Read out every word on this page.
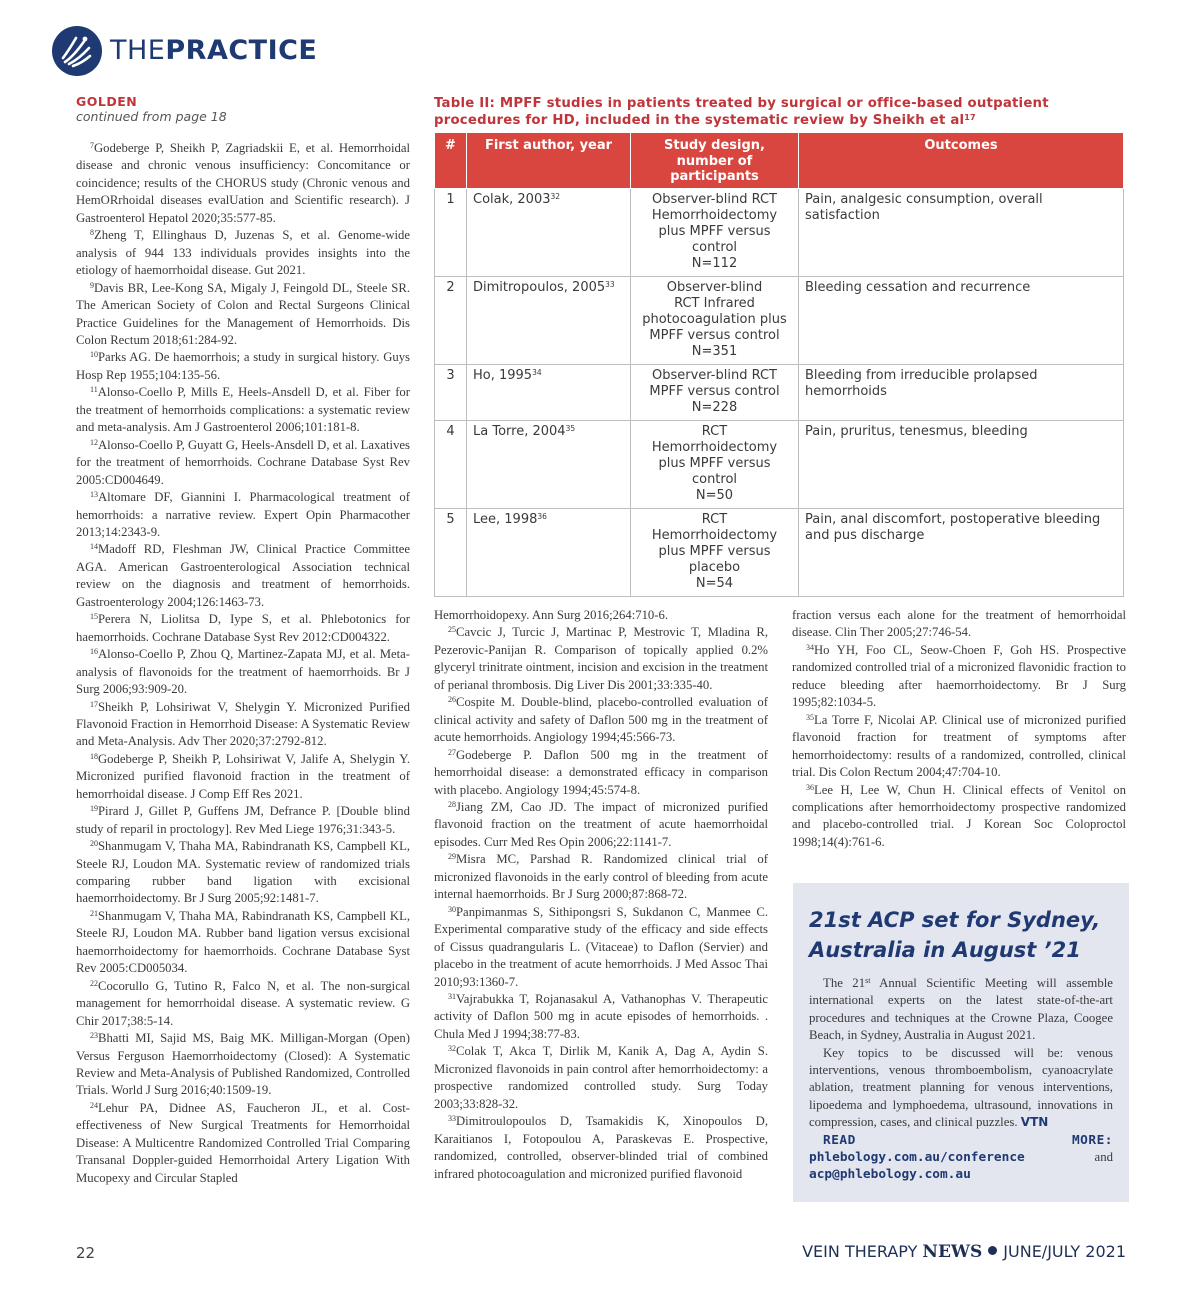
THEPRACTICE
GOLDEN
continued from page 18

$^7$Godeberge P, Sheikh P, Zagriadskii E, et al. Hemorrhoidal disease and chronic venous insufficiency: Concomitance or coincidence; results of the CHORUS study (Chronic venous and HemORrhoidal diseases evalUation and Scientific research). J Gastroenterol Hepatol 2020;35:577-85.

$^8$Zheng T, Ellinghaus D, Juzenas S, et al. Genome-wide analysis of 944 133 individuals provides insights into the etiology of haemorrhoidal disease. Gut 2021.

$^9$Davis BR, Lee-Kong SA, Migaly J, Feingold DL, Steele SR. The American Society of Colon and Rectal Surgeons Clinical Practice Guidelines for the Management of Hemorrhoids. Dis Colon Rectum 2018;61:284-92.

$^{10}$Parks AG. De haemorrhois; a study in surgical history. Guys Hosp Rep 1955;104:135-56.

$^{11}$Alonso-Coello P, Mills E, Heels-Ansdell D, et al. Fiber for the treatment of hemorrhoids complications: a systematic review and meta-analysis. Am J Gastroenterol 2006;101:181-8.

$^{12}$Alonso-Coello P, Guyatt G, Heels-Ansdell D, et al. Laxatives for the treatment of hemorrhoids. Cochrane Database Syst Rev 2005:CD004649.

$^{13}$Altomare DF, Giannini I. Pharmacological treatment of hemorrhoids: a narrative review. Expert Opin Pharmacother 2013;14:2343-9.

$^{14}$Madoff RD, Fleshman JW, Clinical Practice Committee AGA. American Gastroenterological Association technical review on the diagnosis and treatment of hemorrhoids. Gastroenterology 2004;126:1463-73.

$^{15}$Perera N, Liolitsa D, Iype S, et al. Phlebotonics for haemorrhoids. Cochrane Database Syst Rev 2012:CD004322.

$^{16}$Alonso-Coello P, Zhou Q, Martinez-Zapata MJ, et al. Meta-analysis of flavonoids for the treatment of haemorrhoids. Br J Surg 2006;93:909-20.

$^{17}$Sheikh P, Lohsiriwat V, Shelygin Y. Micronized Purified Flavonoid Fraction in Hemorrhoid Disease: A Systematic Review and Meta-Analysis. Adv Ther 2020;37:2792-812.

$^{18}$Godeberge P, Sheikh P, Lohsiriwat V, Jalife A, Shelygin Y. Micronized purified flavonoid fraction in the treatment of hemorrhoidal disease. J Comp Eff Res 2021.

$^{19}$Pirard J, Gillet P, Guffens JM, Defrance P. [Double blind study of reparil in proctology]. Rev Med Liege 1976;31:343-5.

$^{20}$Shanmugam V, Thaha MA, Rabindranath KS, Campbell KL, Steele RJ, Loudon MA. Systematic review of randomized trials comparing rubber band ligation with excisional haemorrhoidectomy. Br J Surg 2005;92:1481-7.

$^{21}$Shanmugam V, Thaha MA, Rabindranath KS, Campbell KL, Steele RJ, Loudon MA. Rubber band ligation versus excisional haemorrhoidectomy for haemorrhoids. Cochrane Database Syst Rev 2005:CD005034.

$^{22}$Cocorullo G, Tutino R, Falco N, et al. The non-surgical management for hemorrhoidal disease. A systematic review. G Chir 2017;38:5-14.

$^{23}$Bhatti MI, Sajid MS, Baig MK. Milligan-Morgan (Open) Versus Ferguson Haemorrhoidectomy (Closed): A Systematic Review and Meta-Analysis of Published Randomized, Controlled Trials. World J Surg 2016;40:1509-19.

$^{24}$Lehur PA, Didnee AS, Faucheron JL, et al. Cost-effectiveness of New Surgical Treatments for Hemorrhoidal Disease: A Multicentre Randomized Controlled Trial Comparing Transanal Doppler-guided Hemorrhoidal Artery Ligation With Mucopexy and Circular Stapled

Table II: MPFF studies in patients treated by surgical or office-based outpatient procedures for HD, included in the systematic review by Sheikh et $al^{17}$
#	First author, year	Study design, number of participants	Outcomes
1	Colak, 2003$^{32}$	Observer-blind RCT
Hemorrhoidectomy
plus MPFF versus
control
N=112	Pain, analgesic consumption, overall satisfaction
2	Dimitropoulos, 2005$^{33}$	Observer-blind
RCT Infrared
photocoagulation plus
MPFF versus control
N=351	Bleeding cessation and recurrence
3	Ho, 1995$^{34}$	Observer-blind RCT
MPFF versus control
N=228	Bleeding from irreducible prolapsed hemorrhoids
4	La Torre, 2004$^{35}$	RCT
Hemorrhoidectomy
plus MPFF versus
control
N=50	Pain, pruritus, tenesmus, bleeding
5	Lee, 1998$^{36}$	RCT
Hemorrhoidectomy
plus MPFF versus
placebo
N=54	Pain, anal discomfort, postoperative bleeding and pus discharge

Hemorrhoidopexy. Ann Surg 2016;264:710-6.

$^{25}$Cavcic J, Turcic J, Martinac P, Mestrovic T, Mladina R, Pezerovic-Panijan R. Comparison of topically applied 0.2% glyceryl trinitrate ointment, incision and excision in the treatment of perianal thrombosis. Dig Liver Dis 2001;33:335-40.

$^{26}$Cospite M. Double-blind, placebo-controlled evaluation of clinical activity and safety of Daflon 500 mg in the treatment of acute hemorrhoids. Angiology 1994;45:566-73.

$^{27}$Godeberge P. Daflon 500 mg in the treatment of hemorrhoidal disease: a demonstrated efficacy in comparison with placebo. Angiology 1994;45:574-8.

$^{28}$Jiang ZM, Cao JD. The impact of micronized purified flavonoid fraction on the treatment of acute haemorrhoidal episodes. Curr Med Res Opin 2006;22:1141-7.

$^{29}$Misra MC, Parshad R. Randomized clinical trial of micronized flavonoids in the early control of bleeding from acute internal haemorrhoids. Br J Surg 2000;87:868-72.

$^{30}$Panpimanmas S, Sithipongsri S, Sukdanon C, Manmee C. Experimental comparative study of the efficacy and side effects of Cissus quadrangularis L. (Vitaceae) to Daflon (Servier) and placebo in the treatment of acute hemorrhoids. J Med Assoc Thai 2010;93:1360-7.

$^{31}$Vajrabukka T, Rojanasakul A, Vathanophas V. Therapeutic activity of Daflon 500 mg in acute episodes of hemorrhoids. . Chula Med J 1994;38:77-83.

$^{32}$Colak T, Akca T, Dirlik M, Kanik A, Dag A, Aydin S. Micronized flavonoids in pain control after hemorrhoidectomy: a prospective randomized controlled study. Surg Today 2003;33:828-32.

$^{33}$Dimitroulopoulos D, Tsamakidis K, Xinopoulos D, Karaitianos I, Fotopoulou A, Paraskevas E. Prospective, randomized, controlled, observer-blinded trial of combined infrared photocoagulation and micronized purified flavonoid

fraction versus each alone for the treatment of hemorrhoidal disease. Clin Ther 2005;27:746-54.

$^{34}$Ho YH, Foo CL, Seow-Choen F, Goh HS. Prospective randomized controlled trial of a micronized flavonidic fraction to reduce bleeding after haemorrhoidectomy. Br J Surg 1995;82:1034-5.

$^{35}$La Torre F, Nicolai AP. Clinical use of micronized purified flavonoid fraction for treatment of symptoms after hemorrhoidectomy: results of a randomized, controlled, clinical trial. Dis Colon Rectum 2004;47:704-10.

$^{36}$Lee H, Lee W, Chun H. Clinical effects of Venitol on complications after hemorrhoidectomy prospective randomized and placebo-controlled trial. J Korean Soc Coloproctol 1998;14(4):761-6.

21st ACP set for Sydney,
Australia in August ’21

The 21st Annual Scientific Meeting will assemble international experts on the latest state-of-the-art procedures and techniques at the Crowne Plaza, Coogee Beach, in Sydney, Australia in August 2021.

Key topics to be discussed will be: venous interventions, venous thromboembolism, cyanoacrylate ablation, treatment planning for venous interventions, lipoedema and lymphoedema, ultrasound, innovations in compression, cases, and clinical puzzles. VTN

READ MORE: phlebology.com.au/conference	and acp@phlebology.com.au

22	VEIN THERAPY NEWS JUNE/JULY 2021
